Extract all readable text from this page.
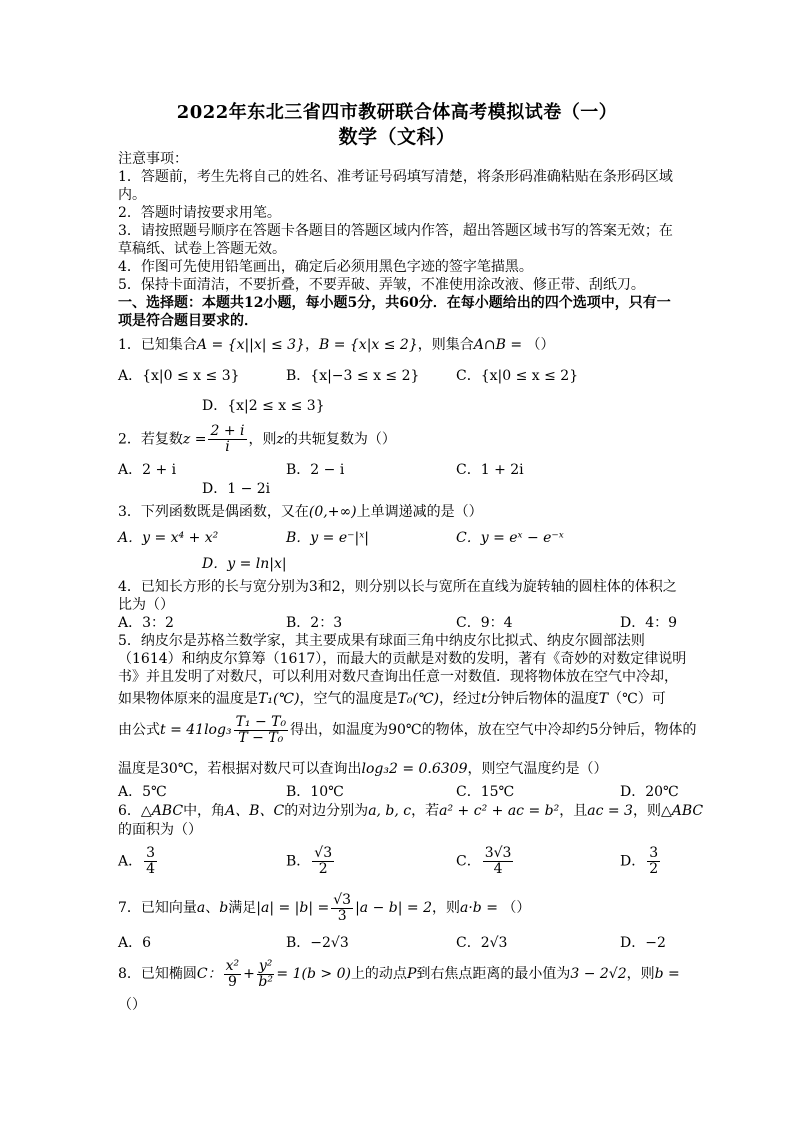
2022年东北三省四市教研联合体高考模拟试卷（一）
数学（文科）
注意事项：
1．答题前，考生先将自己的姓名、准考证号码填写清楚，将条形码准确粘贴在条形码区域内。
2．答题时请按要求用笔。
3．请按照题号顺序在答题卡各题目的答题区域内作答，超出答题区域书写的答案无效；在草稿纸、试卷上答题无效。
4．作图可先使用铅笔画出，确定后必须用黑色字迹的签字笔描黑。
5．保持卡面清洁，不要折叠，不要弄破、弄皱，不准使用涂改液、修正带、刮纸刀。
一、选择题：本题共12小题，每小题5分，共60分．在每小题给出的四个选项中，只有一项是符合题目要求的．
1．已知集合A = {x||x| ≤ 3}，B = {x|x ≤ 2}，则集合A∩B = （）
A．{x|0 ≤ x ≤ 3}	B．{x|−3 ≤ x ≤ 2}	C．{x|0 ≤ x ≤ 2}
D．{x|2 ≤ x ≤ 3}
2．若复数$z = \frac{2 + i}{i}$ ，则z的共轭复数为（）
A．2 + i	B．2 − i	C．1 + 2i
D．1 − 2i
3．下列函数既是偶函数，又在(0,+∞)上单调递减的是（）
A．y = x⁴ + x²	B．y = e⁻|ˣ|	C．y = eˣ − e⁻ˣ
D．y = ln|x|
4．已知长方形的长与宽分别为3和2，则分别以长与宽所在直线为旋转轴的圆柱体的体积之比为（）
A．3：2	B．2：3	C．9：4	D．4：9
5．纳皮尔是苏格兰数学家，其主要成果有球面三角中纳皮尔比拟式、纳皮尔圆部法则
（1614）和纳皮尔算筹（1617），而最大的贡献是对数的发明，著有《奇妙的对数定律说明
书》并且发明了对数尺，可以利用对数尺查询出任意一对数值．现将物体放在空气中冷却，
如果物体原来的温度是T₁(℃)，空气的温度是T₀(℃)，经过t分钟后物体的温度T（℃）可
由公式$t = 41\log_3 \frac{\text{T₁ − T₀}}{\text{T − T₀}}$ 得出，如温度为90℃的物体，放在空气中冷却约5分钟后，物体的
温度是30℃，若根据对数尺可以查询出log₃2 = 0.6309，则空气温度约是（）
A．5℃	B．10℃	C．15℃	D．20℃
6．△ABC中，角A、B、C的对边分别为a, b, c，若a² + c² + ac = b²，且ac = 3，则△ABC
的面积为（）
A． $\frac{3}{4}$	B． $\frac{√3}{2}$	C． $\frac{3√3}{4}$	D． $\frac{3}{2}$
7．已知向量a、b满足$|a| = |b| = \frac{√3}{3} |a - b| = 2$，则a·b = （）
A．6	B．−2√3	C．2√3	D．−2
8．已知椭圆C： $\frac{\text{x²}}{9} + \frac{\text{y²}}{\text{b²}} = 1(b > 0)$上的动点P到右焦点距离的最小值为3 − 2√2，则b =
（）
